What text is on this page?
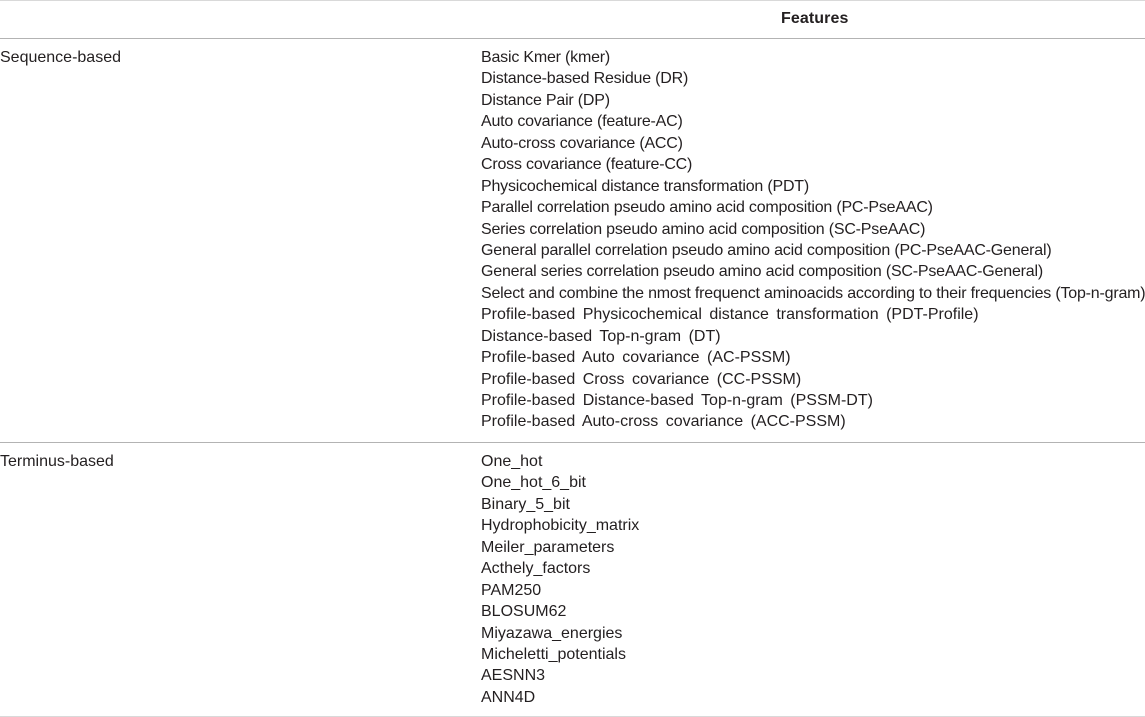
Features
Sequence-based	Basic Kmer (kmer)
Distance-based Residue (DR)
Distance Pair (DP)
Auto covariance (feature-AC)
Auto-cross covariance (ACC)
Cross covariance (feature-CC)
Physicochemical distance transformation (PDT)
Parallel correlation pseudo amino acid composition (PC-PseAAC)
Series correlation pseudo amino acid composition (SC-PseAAC)
General parallel correlation pseudo amino acid composition (PC-PseAAC-General)
General series correlation pseudo amino acid composition (SC-PseAAC-General)
Select and combine the nmost frequenct aminoacids according to their frequencies (Top-n-gram)
Profile-based Physicochemical distance transformation (PDT-Profile)
Distance-based Top-n-gram (DT)
Profile-based Auto covariance (AC-PSSM)
Profile-based Cross covariance (CC-PSSM)
Profile-based Distance-based Top-n-gram (PSSM-DT)
Profile-based Auto-cross covariance (ACC-PSSM)
Terminus-based	One_hot
One_hot_6_bit
Binary_5_bit
Hydrophobicity_matrix
Meiler_parameters
Acthely_factors
PAM250
BLOSUM62
Miyazawa_energies
Micheletti_potentials
AESNN3
ANN4D
